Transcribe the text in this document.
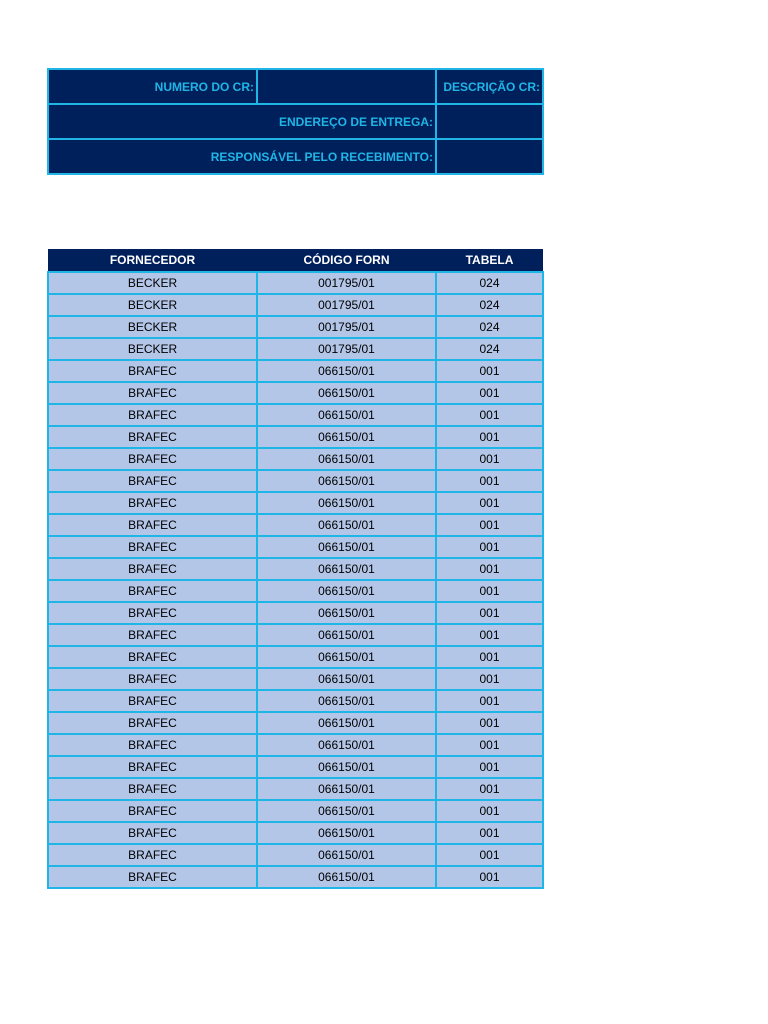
NUMERO DO CR:		DESCRIÇÃO CR:
ENDEREÇO DE ENTREGA:		
RESPONSÁVEL PELO RECEBIMENTO:		
FORNECEDOR	CÓDIGO FORN	TABELA
BECKER	001795/01	024
BECKER	001795/01	024
BECKER	001795/01	024
BECKER	001795/01	024
BRAFEC	066150/01	001
BRAFEC	066150/01	001
BRAFEC	066150/01	001
BRAFEC	066150/01	001
BRAFEC	066150/01	001
BRAFEC	066150/01	001
BRAFEC	066150/01	001
BRAFEC	066150/01	001
BRAFEC	066150/01	001
BRAFEC	066150/01	001
BRAFEC	066150/01	001
BRAFEC	066150/01	001
BRAFEC	066150/01	001
BRAFEC	066150/01	001
BRAFEC	066150/01	001
BRAFEC	066150/01	001
BRAFEC	066150/01	001
BRAFEC	066150/01	001
BRAFEC	066150/01	001
BRAFEC	066150/01	001
BRAFEC	066150/01	001
BRAFEC	066150/01	001
BRAFEC	066150/01	001
BRAFEC	066150/01	001
